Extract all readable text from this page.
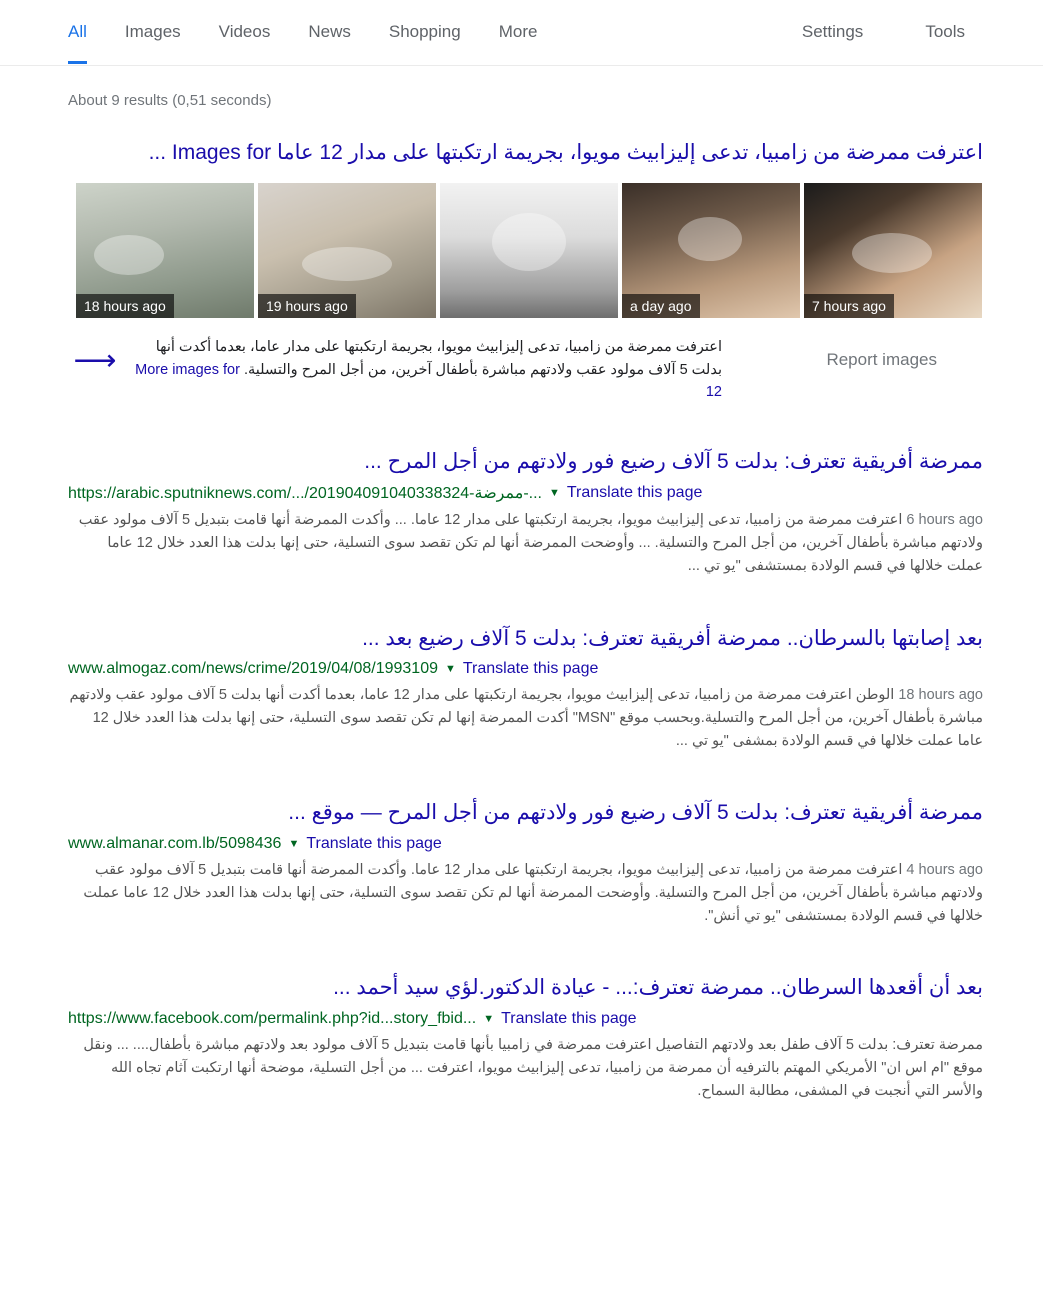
All Images Videos News Shopping More	Settings	Tools
About 9 results (0,51 seconds)
اعترفت ممرضة من زامبيا، تدعى إليزابيث مويوا، بجريمة ارتكبتها على مدار 12 عاما Images for ...
18 hours ago	19 hours ago	a day ago	7 hours ago
⟶	اعترفت ممرضة من زامبيا، تدعى إليزابيث مويوا، بجريمة ارتكبتها على مدار عاما، بعدما أكدت أنها بدلت 5 آلاف مولود عقب ولادتهم مباشرة بأطفال آخرين، من أجل المرح والتسلية. More images for 12
Report images
ممرضة أفريقية تعترف: بدلت 5 آلاف رضيع فور ولادتهم من أجل المرح ...
https://arabic.sputniknews.com/.../20190409104033832‪4-ممرضة-... ▼ Translate this page
6 hours ago اعترفت ممرضة من زامبيا، تدعى إليزابيث مويوا، بجريمة ارتكبتها على مدار 12 عاما. ... وأكدت الممرضة أنها قامت بتبديل 5 آلاف مولود عقب ولادتهم مباشرة بأطفال آخرين، من أجل المرح والتسلية. ... وأوضحت الممرضة أنها لم تكن تقصد سوى التسلية، حتى إنها بدلت هذا العدد خلال 12 عاما عملت خلالها في قسم الولادة بمستشفى "يو تي ...
بعد إصابتها بالسرطان.. ممرضة أفريقية تعترف: بدلت 5 آلاف رضيع بعد ...
www.almogaz.com/news/crime/2019/04/08/1993109 ▼ Translate this page
18 hours ago الوطن اعترفت ممرضة من زامبيا، تدعى إليزابيث مويوا، بجريمة ارتكبتها على مدار 12 عاما، بعدما أكدت أنها بدلت 5 آلاف مولود عقب ولادتهم مباشرة بأطفال آخرين، من أجل المرح والتسلية.وبحسب موقع "MSN" أكدت الممرضة إنها لم تكن تقصد سوى التسلية، حتى إنها بدلت هذا العدد خلال 12 عاما عملت خلالها في قسم الولادة بمشفى "يو تي ...
ممرضة أفريقية تعترف: بدلت 5 آلاف رضيع فور ولادتهم من أجل المرح — موقع ...
www.almanar.com.lb/5098436 ▼ Translate this page
4 hours ago اعترفت ممرضة من زامبيا، تدعى إليزابيث مويوا، بجريمة ارتكبتها على مدار 12 عاما. وأكدت الممرضة أنها قامت بتبديل 5 آلاف مولود عقب ولادتهم مباشرة بأطفال آخرين، من أجل المرح والتسلية. وأوضحت الممرضة أنها لم تكن تقصد سوى التسلية، حتى إنها بدلت هذا العدد خلال 12 عاما عملت خلالها في قسم الولادة بمستشفى "يو تي أنش".
بعد أن أقعدها السرطان.. ممرضة تعترف:... - عيادة الدكتور.لؤي سيد أحمد ...
https://www.facebook.com/permalink.php?id...story_fbid... ▼ Translate this page
ممرضة تعترف: بدلت 5 آلاف طفل بعد ولادتهم التفاصيل اعترفت ممرضة في زامبيا بأنها قامت بتبديل 5 آلاف مولود بعد ولادتهم مباشرة بأطفال.... ... ونقل موقع "ام اس ان" الأمريكي المهتم بالترفيه أن ممرضة من زامبيا، تدعى إليزابيث مويوا، اعترفت ... من أجل التسلية، موضحة أنها ارتكبت آثام تجاه الله والأسر التي أنجبت في المشفى، مطالبة السماح.
